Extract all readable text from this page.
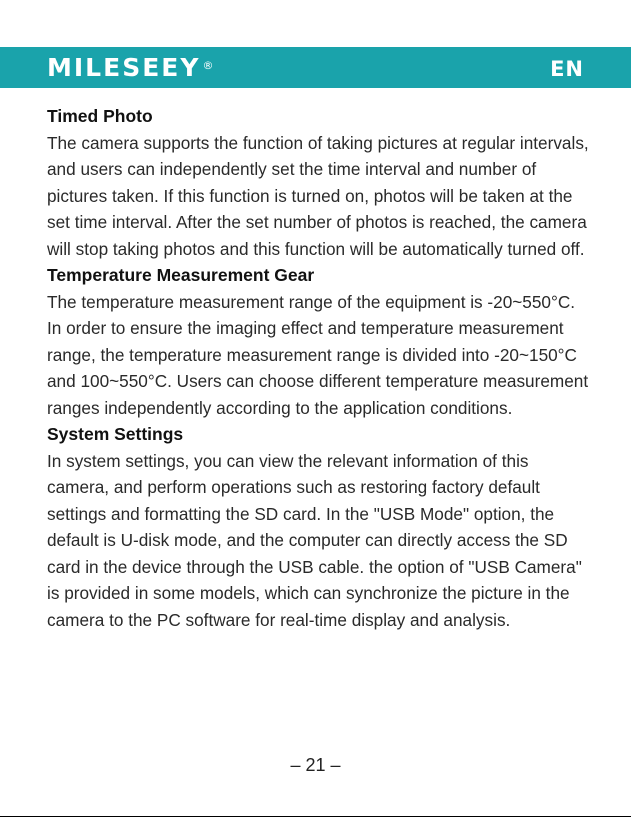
MILESEEY ®	EN
Timed Photo

The camera supports the function of taking pictures at regular intervals, and users can independently set the time interval and number of pictures taken. If this function is turned on, photos will be taken at the set time interval. After the set number of photos is reached, the camera will stop taking photos and this function will be automatically turned off.

Temperature Measurement Gear

The temperature measurement range of the equipment is -20~550°C. In order to ensure the imaging effect and temperature measurement range, the temperature measurement range is divided into -20~150°C and 100~550°C. Users can choose different temperature measurement ranges independently according to the application conditions.

System Settings

In system settings, you can view the relevant information of this camera, and perform operations such as restoring factory default settings and formatting the SD card. In the "USB Mode" option, the default is U-disk mode, and the computer can directly access the SD card in the device through the USB cable. the option of "USB Camera" is provided in some models, which can synchronize the picture in the camera to the PC software for real-time display and analysis.

– 21 –
